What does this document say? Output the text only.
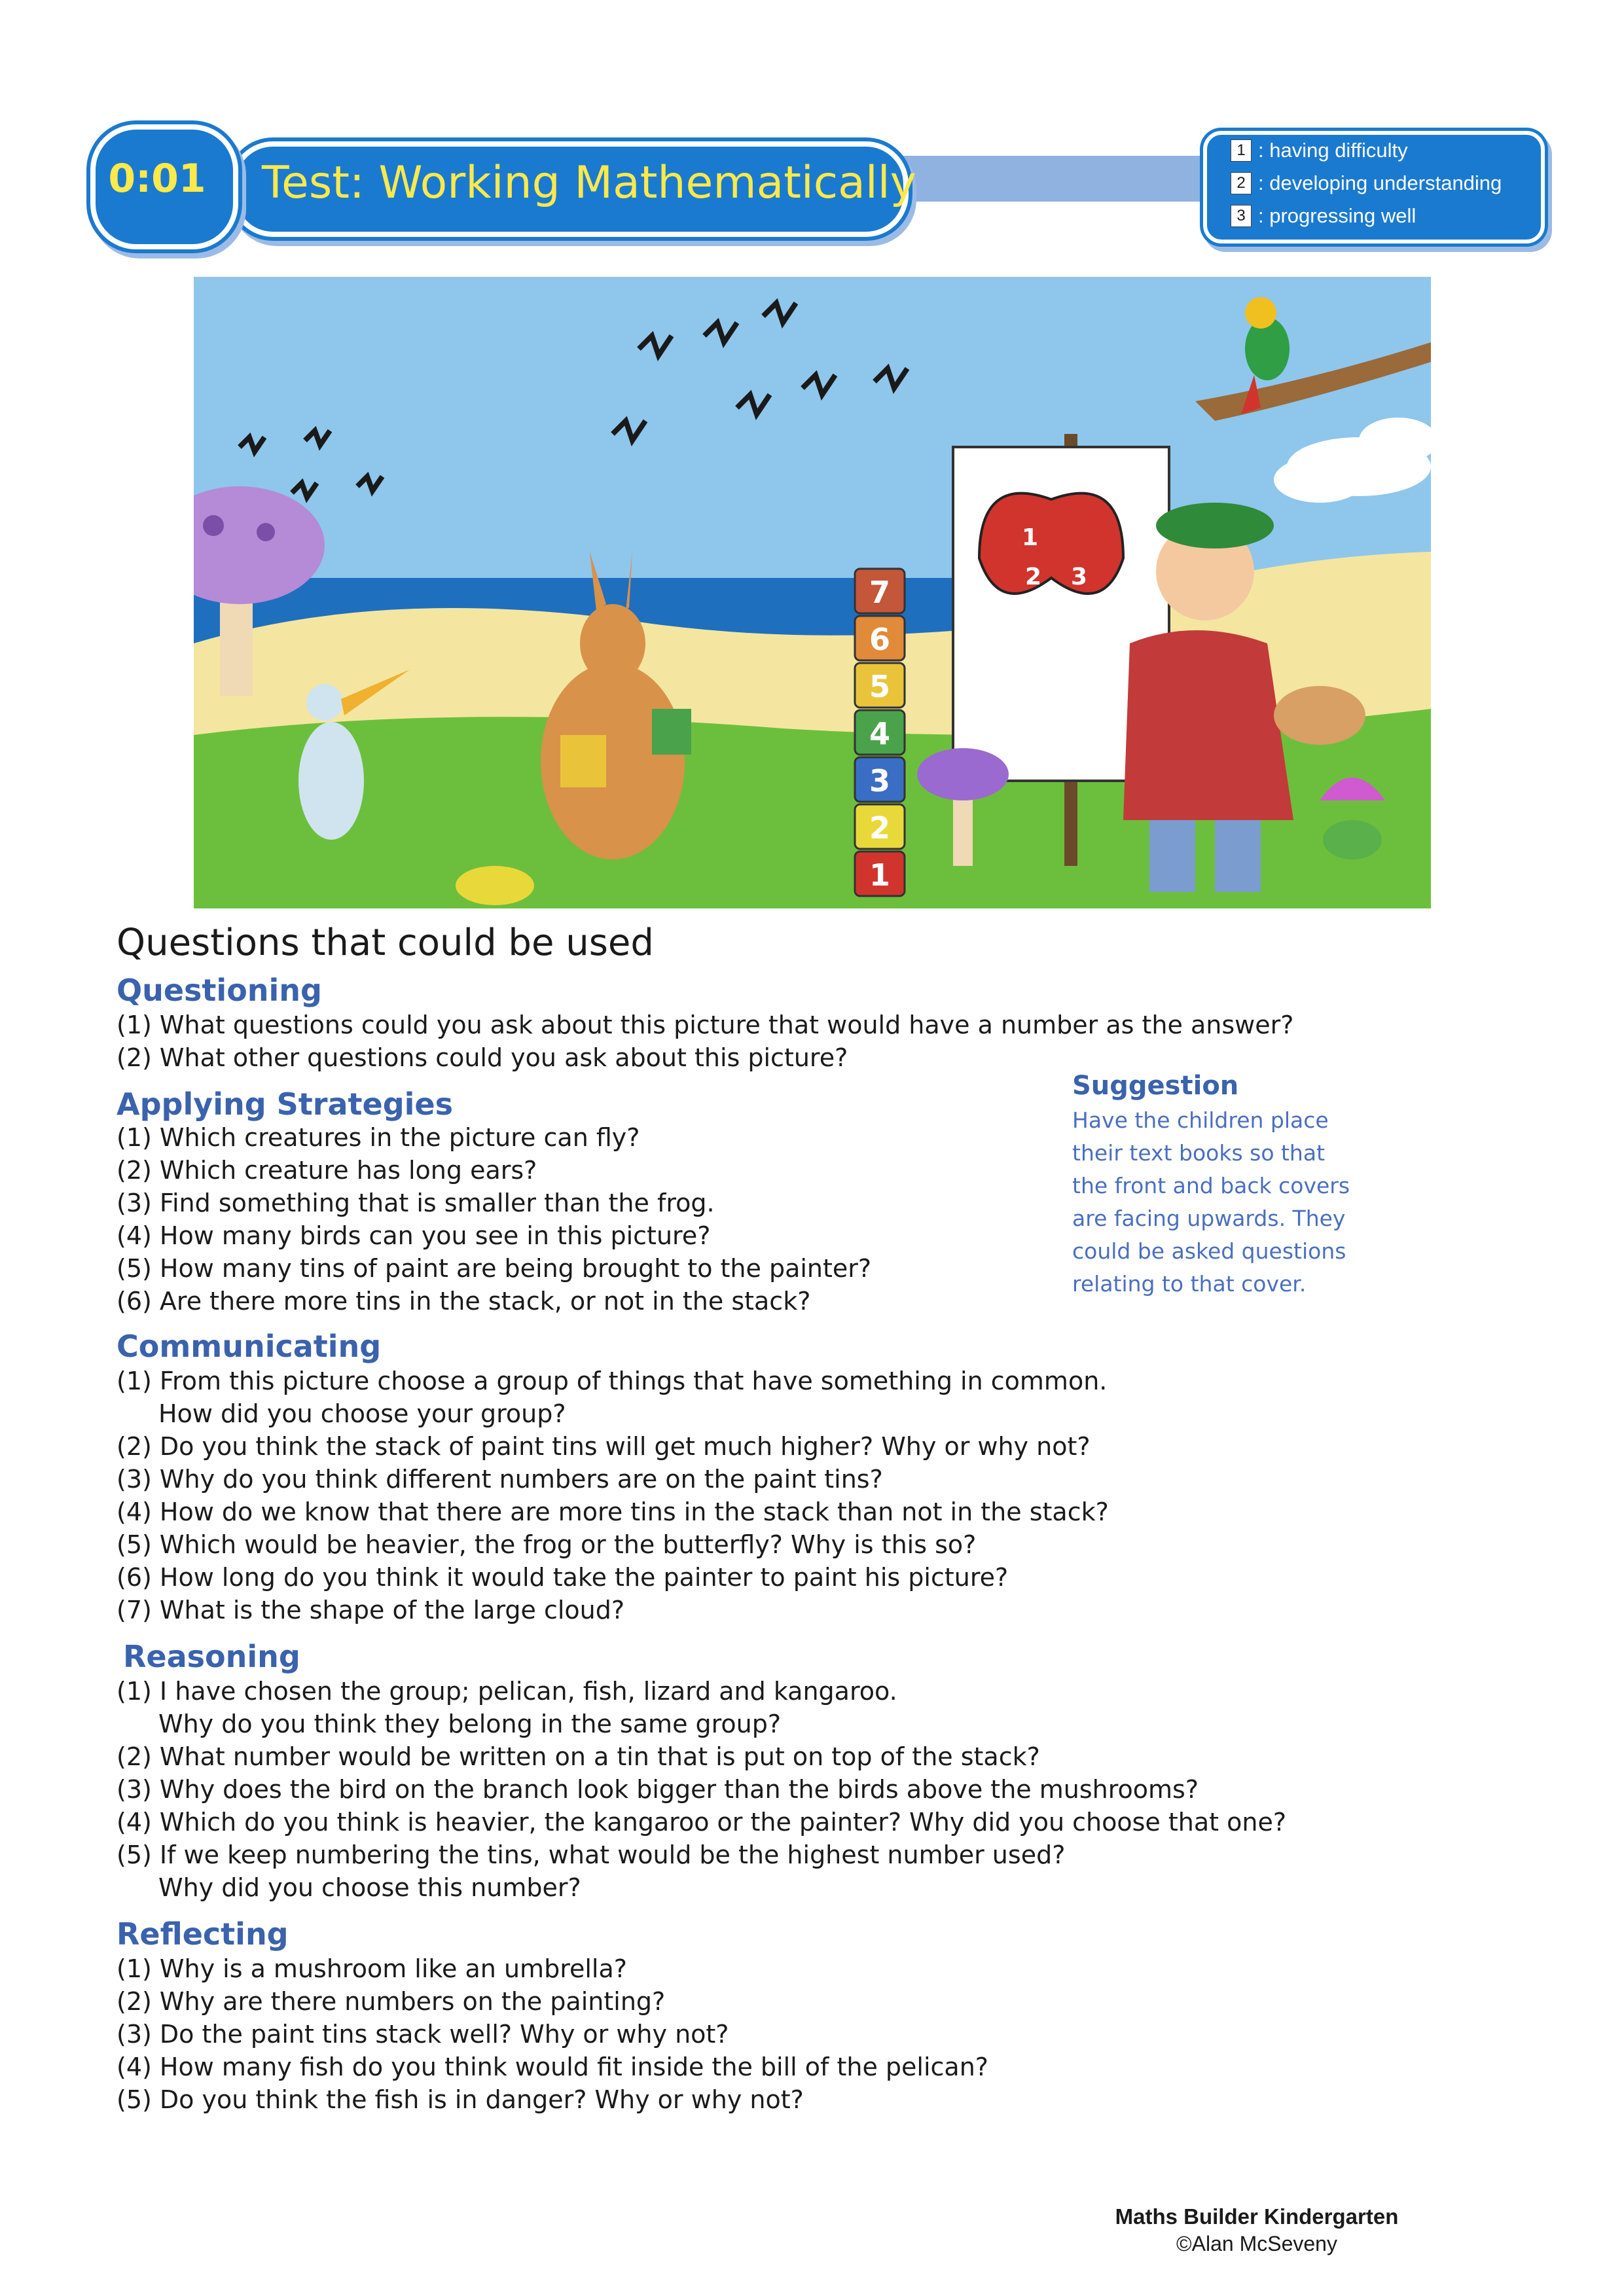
0:01 Test: Working Mathematically
1 : having difficulty
2 : developing understanding
3 : progressing well
7
6
5
4
3
2
1
1
2 3
Questions that could be used
Questioning
(1) What questions could you ask about this picture that would have a number as the answer?
(2) What other questions could you ask about this picture?
Applying Strategies
(1) Which creatures in the picture can fly?
(2) Which creature has long ears?
(3) Find something that is smaller than the frog.
(4) How many birds can you see in this picture?
(5) How many tins of paint are being brought to the painter?
(6) Are there more tins in the stack, or not in the stack?
Suggestion
Have the children place
their text books so that
the front and back covers
are facing upwards. They
could be asked questions
relating to that cover.
Communicating
(1) From this picture choose a group of things that have something in common.
How did you choose your group?
(2) Do you think the stack of paint tins will get much higher? Why or why not?
(3) Why do you think different numbers are on the paint tins?
(4) How do we know that there are more tins in the stack than not in the stack?
(5) Which would be heavier, the frog or the butterfly? Why is this so?
(6) How long do you think it would take the painter to paint his picture?
(7) What is the shape of the large cloud?
Reasoning
(1) I have chosen the group; pelican, fish, lizard and kangaroo.
Why do you think they belong in the same group?
(2) What number would be written on a tin that is put on top of the stack?
(3) Why does the bird on the branch look bigger than the birds above the mushrooms?
(4) Which do you think is heavier, the kangaroo or the painter? Why did you choose that one?
(5) If we keep numbering the tins, what would be the highest number used?
Why did you choose this number?
Reflecting
(1) Why is a mushroom like an umbrella?
(2) Why are there numbers on the painting?
(3) Do the paint tins stack well? Why or why not?
(4) How many fish do you think would fit inside the bill of the pelican?
(5) Do you think the fish is in danger? Why or why not?
Maths Builder Kindergarten
©Alan McSeveny
